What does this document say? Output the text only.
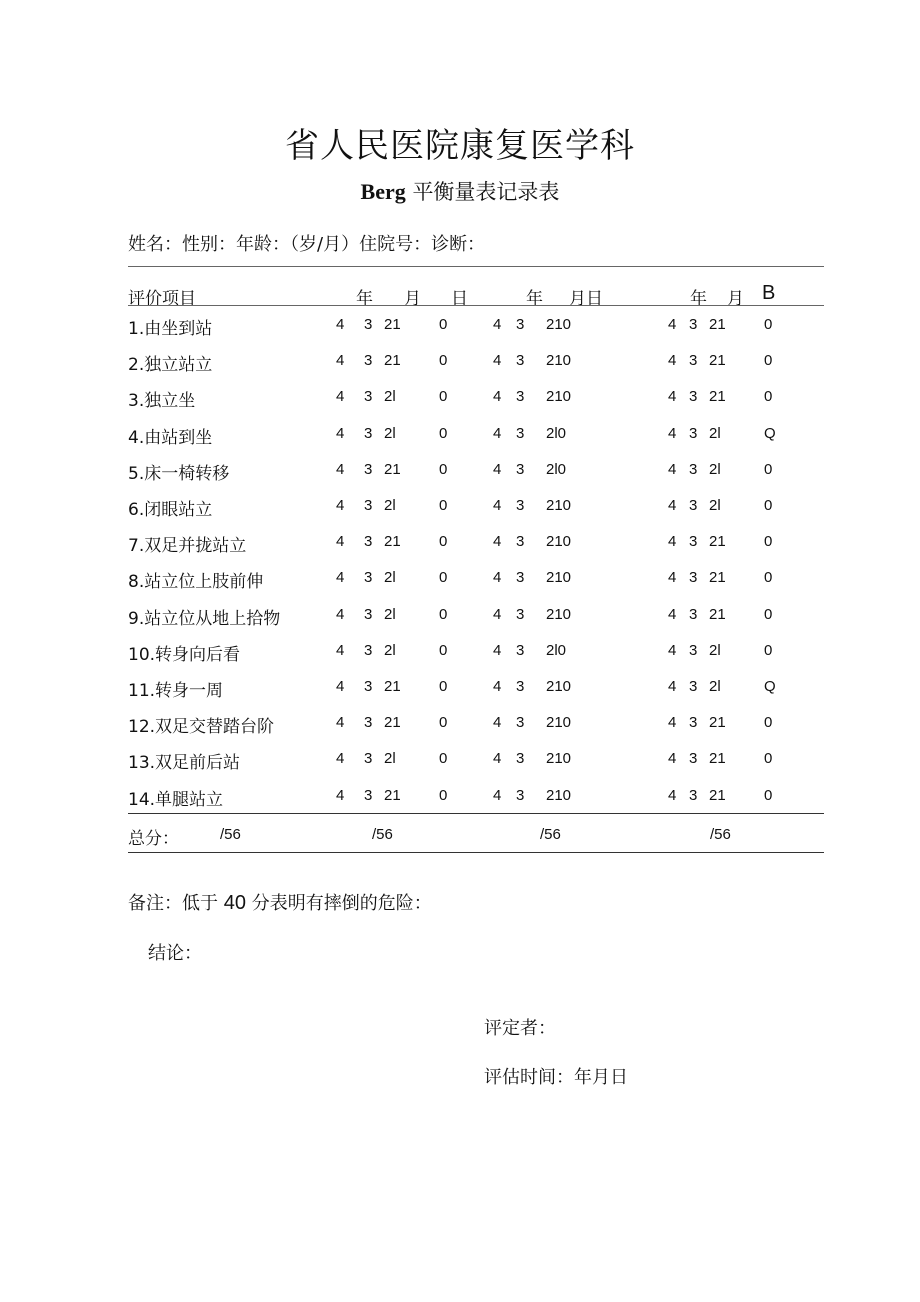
省人民医院康复医学科
Berg 平衡量表记录表
姓名：性别：年龄：（岁/月）住院号：诊断：
评价项目	年 月 日	年 月日	年 月 B
1.由坐到站	4 3 21	0	4 3 210	4 3 21	0
2.独立站立	4 3 21	0	4 3 210	4 3 21	0
3.独立坐	4 3 2l	0	4 3 210	4 3 21	0
4.由站到坐	4 3 2l	0	4 3 2l0	4 3 2l	Q
5.床一椅转移	4 3 21	0	4 3 2l0	4 3 2l	0
6.闭眼站立	4 3 2l	0	4 3 210	4 3 2l	0
7.双足并拢站立	4 3 21	0	4 3 210	4 3 21	0
8.站立位上肢前伸	4 3 2l	0	4 3 210	4 3 21	0
9.站立位从地上拾物	4 3 2l	0	4 3 210	4 3 21	0
10.转身向后看	4 3 2l	0	4 3 2l0	4 3 2l	0
11.转身一周	4 3 21	0	4 3 210	4 3 2l	Q
12.双足交替踏台阶	4 3 21	0	4 3 210	4 3 21	0
13.双足前后站	4 3 2l	0	4 3 210	4 3 21	0
14.单腿站立	4 3 21	0	4 3 210	4 3 21	0
总分：	/56	/56	/56	/56
备注：低于 40 分表明有摔倒的危险：
结论：
评定者：
评估时间：年月日
